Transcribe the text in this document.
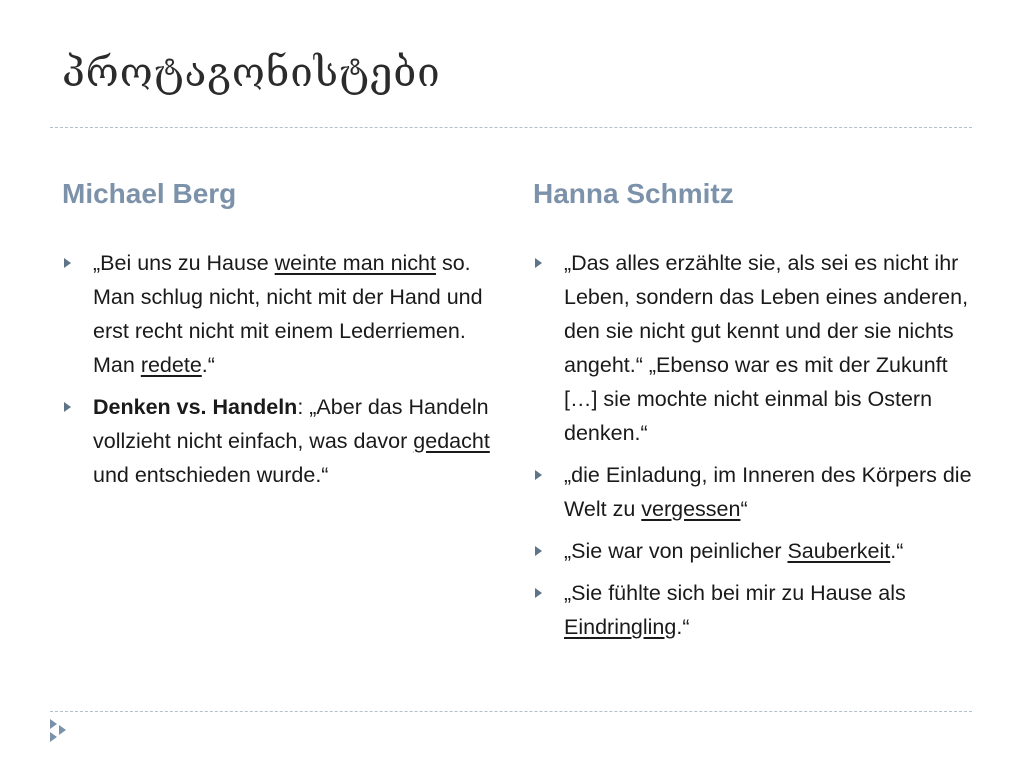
პროტაგონისტები
Michael Berg	Hanna Schmitz
„Bei uns zu Hause weinte man nicht so. Man schlug nicht, nicht mit der Hand und erst recht nicht mit einem Lederriemen. Man redete.“
Denken vs. Handeln: „Aber das Handeln vollzieht nicht einfach, was davor gedacht und entschieden wurde.“
„Das alles erzählte sie, als sei es nicht ihr Leben, sondern das Leben eines anderen, den sie nicht gut kennt und der sie nichts angeht.“ „Ebenso war es mit der Zukunft […] sie mochte nicht einmal bis Ostern denken.“
„die Einladung, im Inneren des Körpers die Welt zu vergessen“
„Sie war von peinlicher Sauberkeit.“
„Sie fühlte sich bei mir zu Hause als Eindringling.“
